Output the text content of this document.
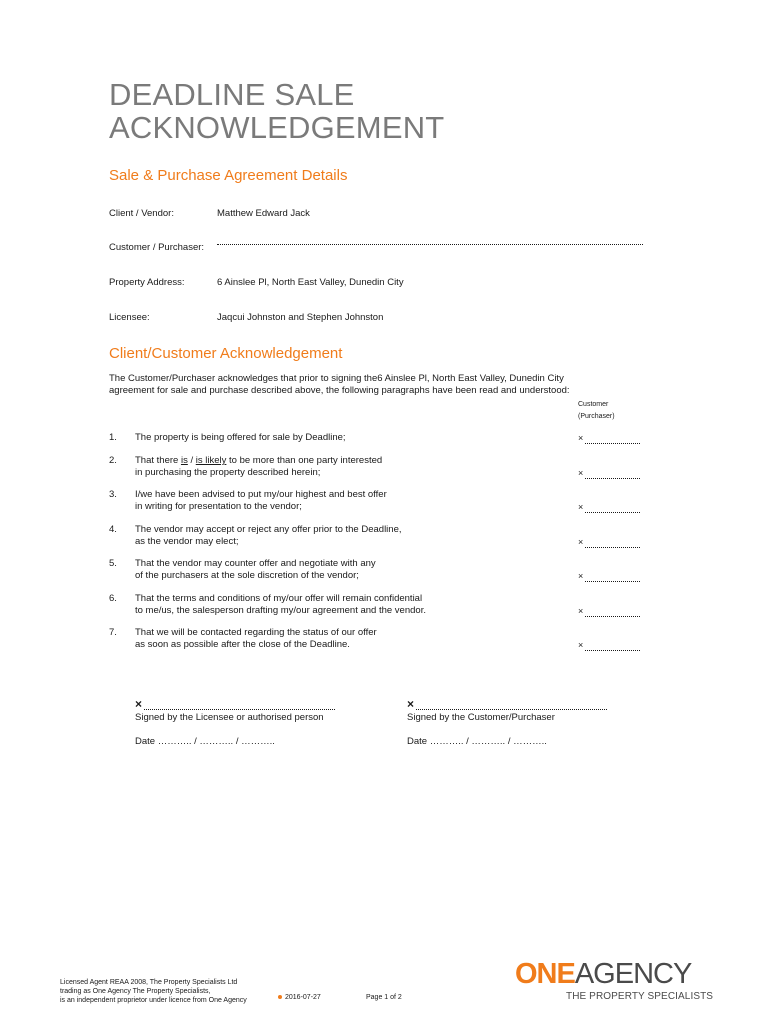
DEADLINE SALE
ACKNOWLEDGEMENT
Sale & Purchase Agreement Details
Client / Vendor:	Matthew Edward Jack
Customer / Purchaser:
Property Address:	6 Ainslee Pl, North East Valley, Dunedin City
Licensee:	Jaqcui Johnston and Stephen Johnston
Client/Customer Acknowledgement
The Customer/Purchaser acknowledges that prior to signing the6 Ainslee Pl, North East Valley, Dunedin City agreement for sale and purchase described above, the following paragraphs have been read and understood:
Customer
(Purchaser)
1. The property is being offered for sale by Deadline;	×
2. That there is / is likely to be more than one party interested
in purchasing the property described herein;	×
3. I/we have been advised to put my/our highest and best offer
in writing for presentation to the vendor;	×
4. The vendor may accept or reject any offer prior to the Deadline,
as the vendor may elect;	×
5. That the vendor may counter offer and negotiate with any
of the purchasers at the sole discretion of the vendor;	×
6. That the terms and conditions of my/our offer will remain confidential
to me/us, the salesperson drafting my/our agreement and the vendor.	×
7. That we will be contacted regarding the status of our offer
as soon as possible after the close of the Deadline.	×
×
Signed by the Licensee or authorised person
Date ……….. / ……….. / ………..
×
Signed by the Customer/Purchaser
Date ……….. / ……….. / ………..
Licensed Agent REAA 2008, The Property Specialists Ltd
trading as One Agency The Property Specialists,
is an independent proprietor under licence from One Agency	2016-07-27	Page 1 of 2
ONEAGENCY
THE PROPERTY SPECIALISTS
